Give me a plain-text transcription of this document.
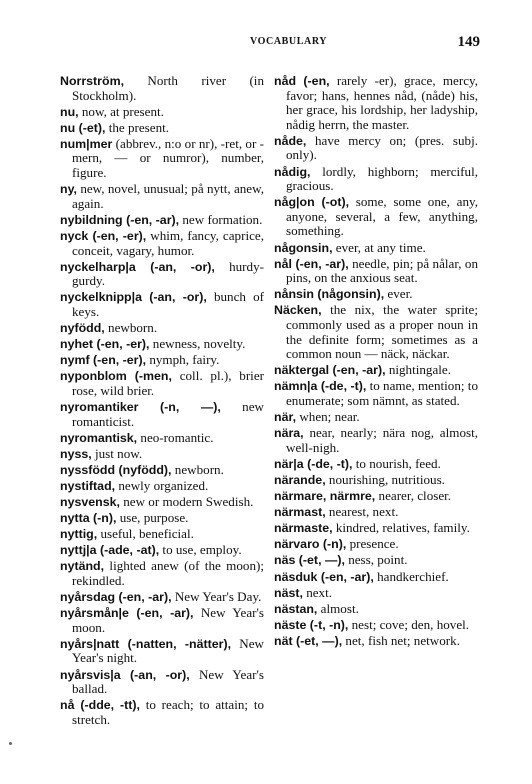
VOCABULARY	149

Norrström, North river (in Stockholm).

nu, now, at present.

nu (-et), the present.

num|mer (abbrev., n:o or nr), -ret, or -mern, — or numror), number, figure.

ny, new, novel, unusual; på nytt, anew, again.

nybildning (-en, -ar), new formation.

nyck (-en, -er), whim, fancy, caprice, conceit, vagary, humor.

nyckelharp|a (-an, -or), hurdy-gurdy.

nyckelknipp|a (-an, -or), bunch of keys.

nyfödd, newborn.

nyhet (-en, -er), newness, novelty.

nymf (-en, -er), nymph, fairy.

nyponblom (-men, coll. pl.), brier rose, wild brier.

nyromantiker (-n, —), new romanticist.

nyromantisk, neo-romantic.

nyss, just now.

nyssfödd (nyfödd), newborn.

nystiftad, newly organized.

nysvensk, new or modern Swedish.

nytta (-n), use, purpose.

nyttig, useful, beneficial.

nyttj|a (-ade, -at), to use, employ.

nytänd, lighted anew (of the moon); rekindled.

nyårsdag (-en, -ar), New Year's Day.

nyårsmån|e (-en, -ar), New Year's moon.

nyårs|natt (-natten, -nätter), New Year's night.

nyårsvis|a (-an, -or), New Year's ballad.

nå (-dde, -tt), to reach; to attain; to stretch.

nåd (-en, rarely -er), grace, mercy, favor; hans, hennes nåd, (nåde) his, her grace, his lordship, her ladyship, nådig herrn, the master.

nåde, have mercy on; (pres. subj. only).

nådig, lordly, highborn; merciful, gracious.

någ|on (-ot), some, some one, any, anyone, several, a few, anything, something.

någonsin, ever, at any time.

nål (-en, -ar), needle, pin; på nålar, on pins, on the anxious seat.

nånsin (någonsin), ever.

Näcken, the nix, the water sprite; commonly used as a proper noun in the definite form; sometimes as a common noun — näck, näckar.

näktergal (-en, -ar), nightingale.

nämn|a (-de, -t), to name, mention; to enumerate; som nämnt, as stated.

när, when; near.

nära, near, nearly; nära nog, almost, well-nigh.

när|a (-de, -t), to nourish, feed.

närande, nourishing, nutritious.

närmare, närmre, nearer, closer.

närmast, nearest, next.

närmaste, kindred, relatives, family.

närvaro (-n), presence.

näs (-et, —), ness, point.

näsduk (-en, -ar), handkerchief.

näst, next.

nästan, almost.

näste (-t, -n), nest; cove; den, hovel.

nät (-et, —), net, fish net; network.
